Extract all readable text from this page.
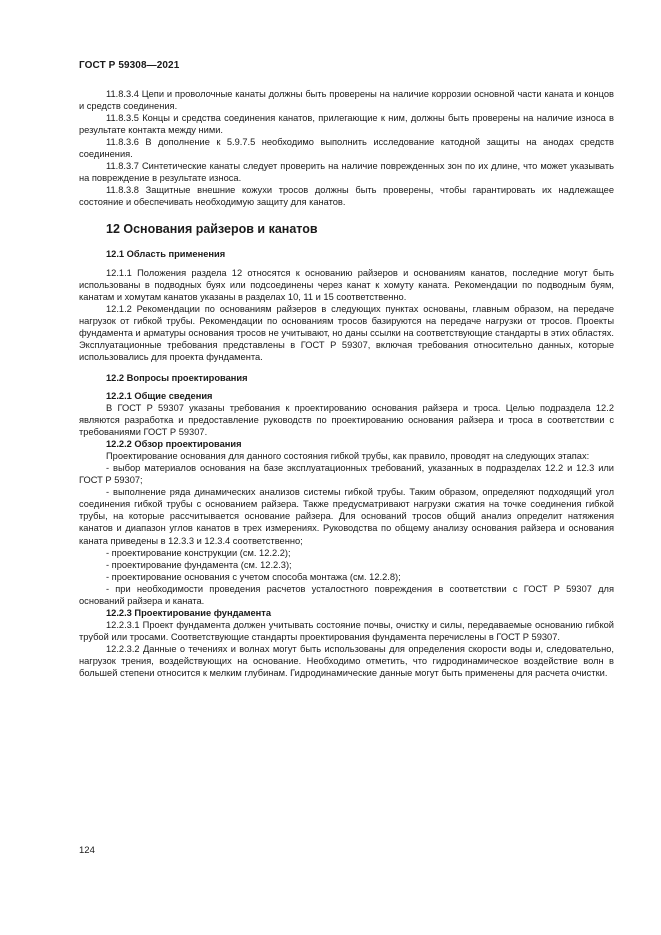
ГОСТ Р 59308—2021
11.8.3.4 Цепи и проволочные канаты должны быть проверены на наличие коррозии основной части каната и концов и средств соединения.
11.8.3.5 Концы и средства соединения канатов, прилегающие к ним, должны быть проверены на наличие износа в результате контакта между ними.
11.8.3.6 В дополнение к 5.9.7.5 необходимо выполнить исследование катодной защиты на анодах средств соединения.
11.8.3.7 Синтетические канаты следует проверить на наличие поврежденных зон по их длине, что может указывать на повреждение в результате износа.
11.8.3.8 Защитные внешние кожухи тросов должны быть проверены, чтобы гарантировать их надлежащее состояние и обеспечивать необходимую защиту для канатов.
12 Основания райзеров и канатов
12.1 Область применения
12.1.1 Положения раздела 12 относятся к основанию райзеров и основаниям канатов, последние могут быть использованы в подводных буях или подсоединены через канат к хомуту каната. Рекомендации по подводным буям, канатам и хомутам канатов указаны в разделах 10, 11 и 15 соответственно.
12.1.2 Рекомендации по основаниям райзеров в следующих пунктах основаны, главным образом, на передаче нагрузок от гибкой трубы. Рекомендации по основаниям тросов базируются на передаче нагрузки от тросов. Проекты фундамента и арматуры основания тросов не учитывают, но даны ссылки на соответствующие стандарты в этих областях. Эксплуатационные требования представлены в ГОСТ Р 59307, включая требования относительно данных, которые использовались для проекта фундамента.
12.2 Вопросы проектирования
12.2.1 Общие сведения
В ГОСТ Р 59307 указаны требования к проектированию основания райзера и троса. Целью подраздела 12.2 являются разработка и предоставление руководств по проектированию основания райзера и троса в соответствии с требованиями ГОСТ Р 59307.
12.2.2 Обзор проектирования
Проектирование основания для данного состояния гибкой трубы, как правило, проводят на следующих этапах:
- выбор материалов основания на базе эксплуатационных требований, указанных в подразделах 12.2 и 12.3 или ГОСТ Р 59307;
- выполнение ряда динамических анализов системы гибкой трубы. Таким образом, определяют подходящий угол соединения гибкой трубы с основанием райзера. Также предусматривают нагрузки сжатия на точке соединения гибкой трубы, на которые рассчитывается основание райзера. Для оснований тросов общий анализ определит натяжения канатов и диапазон углов канатов в трех измерениях. Руководства по общему анализу основания райзера и основания каната приведены в 12.3.3 и 12.3.4 соответственно;
- проектирование конструкции (см. 12.2.2);
- проектирование фундамента (см. 12.2.3);
- проектирование основания с учетом способа монтажа (см. 12.2.8);
- при необходимости проведения расчетов усталостного повреждения в соответствии с ГОСТ Р 59307 для оснований райзера и каната.
12.2.3 Проектирование фундамента
12.2.3.1 Проект фундамента должен учитывать состояние почвы, очистку и силы, передаваемые основанию гибкой трубой или тросами. Соответствующие стандарты проектирования фундамента перечислены в ГОСТ Р 59307.
12.2.3.2 Данные о течениях и волнах могут быть использованы для определения скорости воды и, следовательно, нагрузок трения, воздействующих на основание. Необходимо отметить, что гидродинамическое воздействие волн в большей степени относится к мелким глубинам. Гидродинамические данные могут быть применены для расчета очистки.
124
